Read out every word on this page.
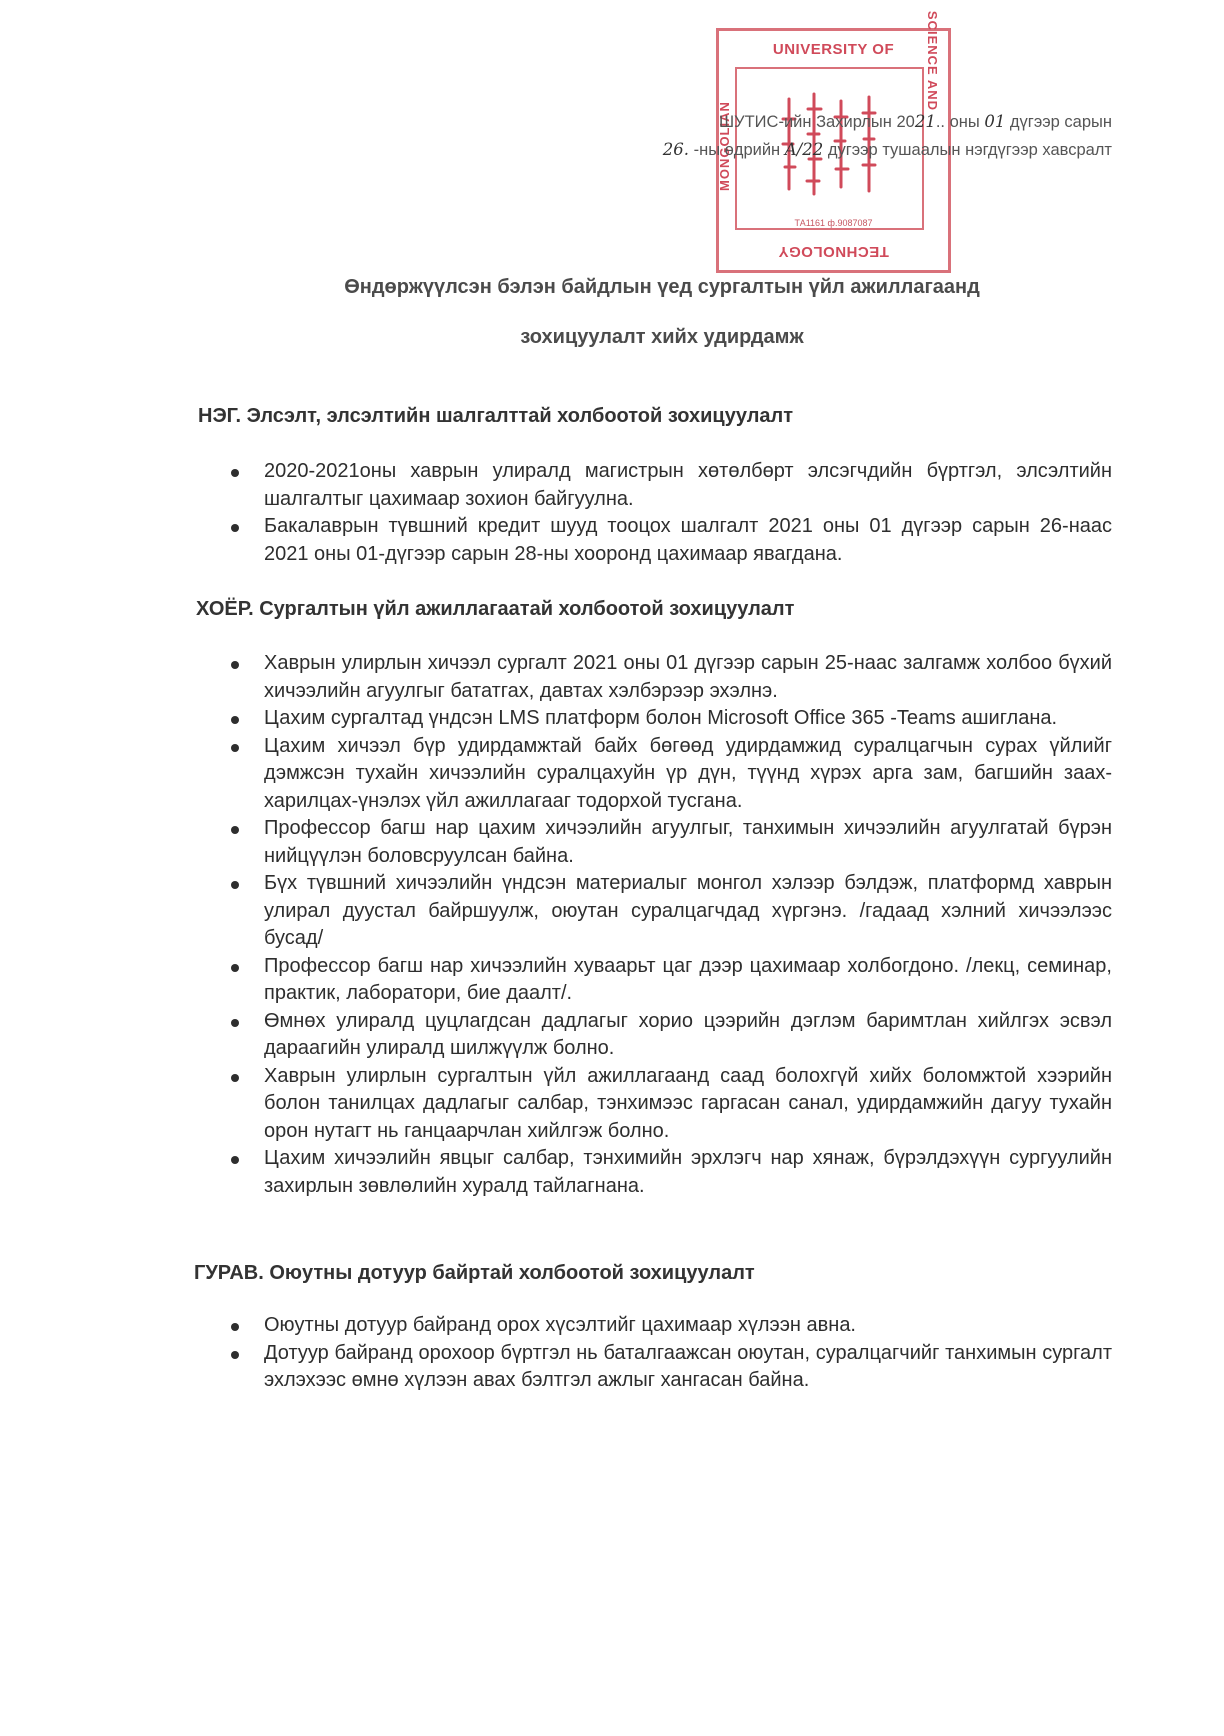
UNIVERSITY OF
MONGOLIAN
SCIENCE AND
ТА1161 ф.9087087
TECHNOLOGY
ШУТИС-ийн Захирлын 2021.. оны 01 дүгээр сарын
26. -ны өдрийн A/22 дугээр тушаалын нэгдүгээр хавсралт
Өндөржүүлсэн бэлэн байдлын үед сургалтын үйл ажиллагаанд
зохицуулалт хийх удирдамж
НЭГ. Элсэлт, элсэлтийн шалгалттай холбоотой зохицуулалт
2020-2021оны хаврын улиралд магистрын хөтөлбөрт элсэгчдийн бүртгэл, элсэлтийн шалгалтыг цахимаар зохион байгуулна.
Бакалаврын түвшний кредит шууд тооцох шалгалт 2021 оны 01 дүгээр сарын 26-наас 2021 оны 01-дүгээр сарын 28-ны хооронд цахимаар явагдана.
ХОЁР. Сургалтын үйл ажиллагаатай холбоотой зохицуулалт
Хаврын улирлын хичээл сургалт 2021 оны 01 дүгээр сарын 25-наас залгамж холбоо бүхий хичээлийн агуулгыг бататгах, давтах хэлбэрээр эхэлнэ.
Цахим сургалтад үндсэн LMS платформ болон Microsoft Office 365 -Teams ашиглана.
Цахим хичээл бүр удирдамжтай байх бөгөөд удирдамжид суралцагчын сурах үйлийг дэмжсэн тухайн хичээлийн суралцахуйн үр дүн, түүнд хүрэх арга зам, багшийн заах-харилцах-үнэлэх үйл ажиллагааг тодорхой тусгана.
Профессор багш нар цахим хичээлийн агуулгыг, танхимын хичээлийн агуулгатай бүрэн нийцүүлэн боловсруулсан байна.
Бүх түвшний хичээлийн үндсэн материалыг монгол хэлээр бэлдэж, платформд хаврын улирал дуустал байршуулж, оюутан суралцагчдад хүргэнэ. /гадаад хэлний хичээлээс бусад/
Профессор багш нар хичээлийн хуваарьт цаг дээр цахимаар холбогдоно. /лекц, семинар, практик, лаборатори, бие даалт/.
Өмнөх улиралд цуцлагдсан дадлагыг хорио цээрийн дэглэм баримтлан хийлгэх эсвэл дараагийн улиралд шилжүүлж болно.
Хаврын улирлын сургалтын үйл ажиллагаанд саад болохгүй хийх боломжтой хээрийн болон танилцах дадлагыг салбар, тэнхимээс гаргасан санал, удирдамжийн дагуу тухайн орон нутагт нь ганцаарчлан хийлгэж болно.
Цахим хичээлийн явцыг салбар, тэнхимийн эрхлэгч нар хянаж, бүрэлдэхүүн сургуулийн захирлын зөвлөлийн хуралд тайлагнана.
ГУРАВ. Оюутны дотуур байртай холбоотой зохицуулалт
Оюутны дотуур байранд орох хүсэлтийг цахимаар хүлээн авна.
Дотуур байранд орохоор бүртгэл нь баталгаажсан оюутан, суралцагчийг танхимын сургалт эхлэхээс өмнө хүлээн авах бэлтгэл ажлыг хангасан байна.
